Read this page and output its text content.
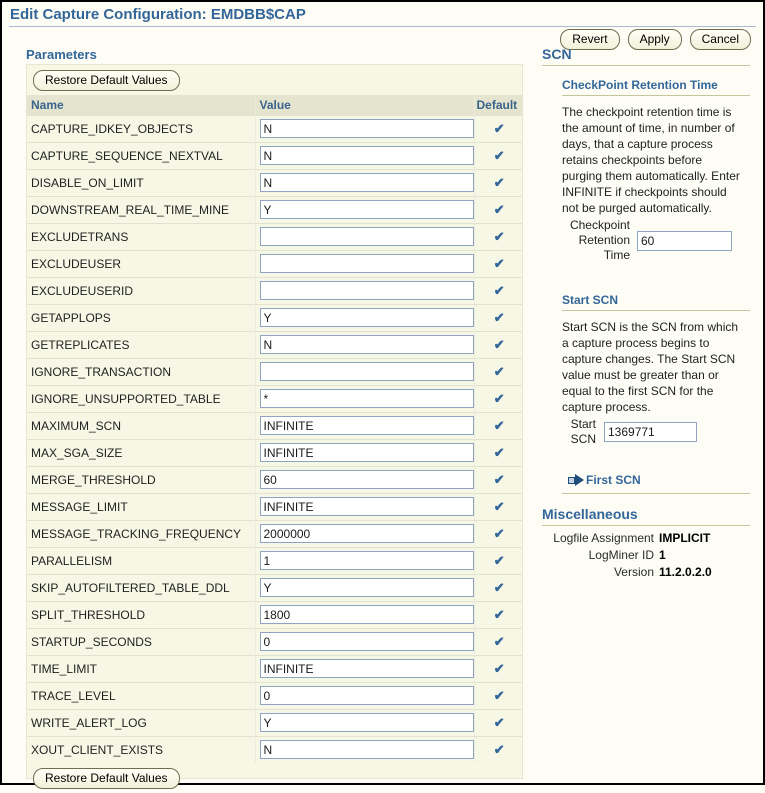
Edit Capture Configuration: EMDBB$CAP
Revert	Apply	Cancel
Parameters
Restore Default Values
Name	Value	Default
CAPTURE_IDKEY_OBJECTS	N	✔
CAPTURE_SEQUENCE_NEXTVAL	N	✔
DISABLE_ON_LIMIT	N	✔
DOWNSTREAM_REAL_TIME_MINE	Y	✔
EXCLUDETRANS		✔
EXCLUDEUSER		✔
EXCLUDEUSERID		✔
GETAPPLOPS	Y	✔
GETREPLICATES	N	✔
IGNORE_TRANSACTION		✔
IGNORE_UNSUPPORTED_TABLE	*	✔
MAXIMUM_SCN	INFINITE	✔
MAX_SGA_SIZE	INFINITE	✔
MERGE_THRESHOLD	60	✔
MESSAGE_LIMIT	INFINITE	✔
MESSAGE_TRACKING_FREQUENCY	2000000	✔
PARALLELISM	1	✔
SKIP_AUTOFILTERED_TABLE_DDL	Y	✔
SPLIT_THRESHOLD	1800	✔
STARTUP_SECONDS	0	✔
TIME_LIMIT	INFINITE	✔
TRACE_LEVEL	0	✔
WRITE_ALERT_LOG	Y	✔
XOUT_CLIENT_EXISTS	N	✔
Restore Default Values
SCN
CheckPoint Retention Time

The checkpoint retention time is the amount of time, in number of days, that a capture process retains checkpoints before purging them automatically. Enter INFINITE if checkpoints should not be purged automatically.

Checkpoint Retention Time
60
Start SCN

Start SCN is the SCN from which a capture process begins to capture changes. The Start SCN value must be greater than or equal to the first SCN for the capture process.

Start SCN
1369771
First SCN
Miscellaneous
Logfile Assignment IMPLICIT
LogMiner ID 1
Version 11.2.0.2.0
